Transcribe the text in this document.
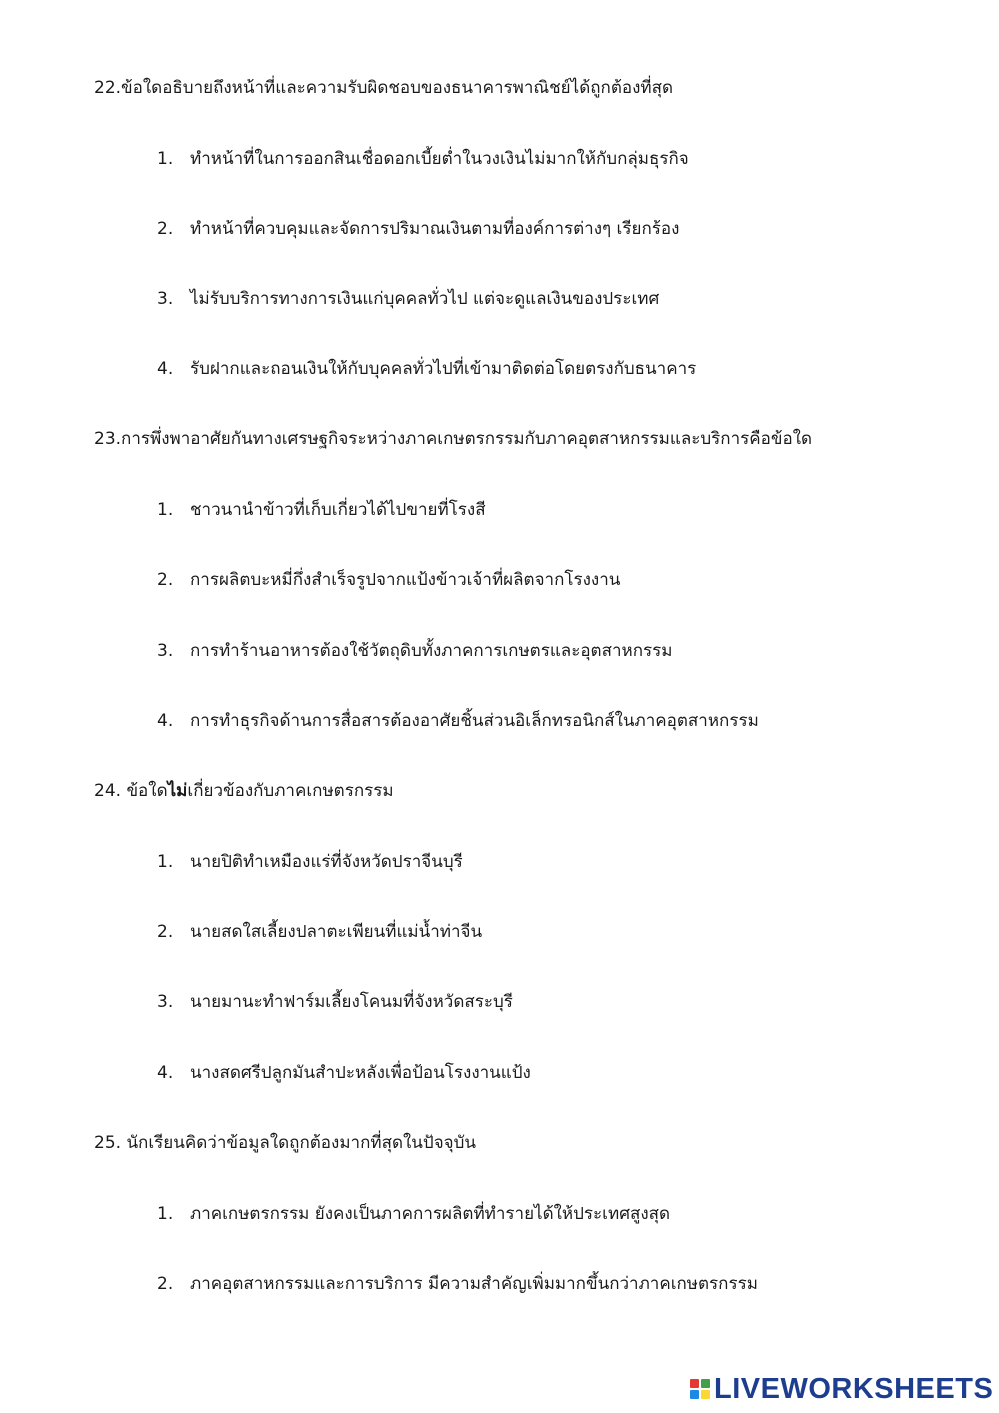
22.ข้อใดอธิบายถึงหน้าที่และความรับผิดชอบของธนาคารพาณิชย์ได้ถูกต้องที่สุด
1. ทำหน้าที่ในการออกสินเชื่อดอกเบี้ยต่ำในวงเงินไม่มากให้กับกลุ่มธุรกิจ
2. ทำหน้าที่ควบคุมและจัดการปริมาณเงินตามที่องค์การต่างๆ เรียกร้อง
3. ไม่รับบริการทางการเงินแก่บุคคลทั่วไป แต่จะดูแลเงินของประเทศ
4. รับฝากและถอนเงินให้กับบุคคลทั่วไปที่เข้ามาติดต่อโดยตรงกับธนาคาร
23.การพึ่งพาอาศัยกันทางเศรษฐกิจระหว่างภาคเกษตรกรรมกับภาคอุตสาหกรรมและบริการคือข้อใด
1. ชาวนานำข้าวที่เก็บเกี่ยวได้ไปขายที่โรงสี
2. การผลิตบะหมี่กึ่งสำเร็จรูปจากแป้งข้าวเจ้าที่ผลิตจากโรงงาน
3. การทำร้านอาหารต้องใช้วัตถุดิบทั้งภาคการเกษตรและอุตสาหกรรม
4. การทำธุรกิจด้านการสื่อสารต้องอาศัยชิ้นส่วนอิเล็กทรอนิกส์ในภาคอุตสาหกรรม
24. ข้อใดไม่เกี่ยวข้องกับภาคเกษตรกรรม
1. นายปิติทำเหมืองแร่ที่จังหวัดปราจีนบุรี
2. นายสดใสเลี้ยงปลาตะเพียนที่แม่น้ำท่าจีน
3. นายมานะทำฟาร์มเลี้ยงโคนมที่จังหวัดสระบุรี
4. นางสดศรีปลูกมันสำปะหลังเพื่อป้อนโรงงานแป้ง
25. นักเรียนคิดว่าข้อมูลใดถูกต้องมากที่สุดในปัจจุบัน
1. ภาคเกษตรกรรม ยังคงเป็นภาคการผลิตที่ทำรายได้ให้ประเทศสูงสุด
2. ภาคอุตสาหกรรมและการบริการ มีความสำคัญเพิ่มมากขึ้นกว่าภาคเกษตรกรรม
LIVEWORKSHEETS
